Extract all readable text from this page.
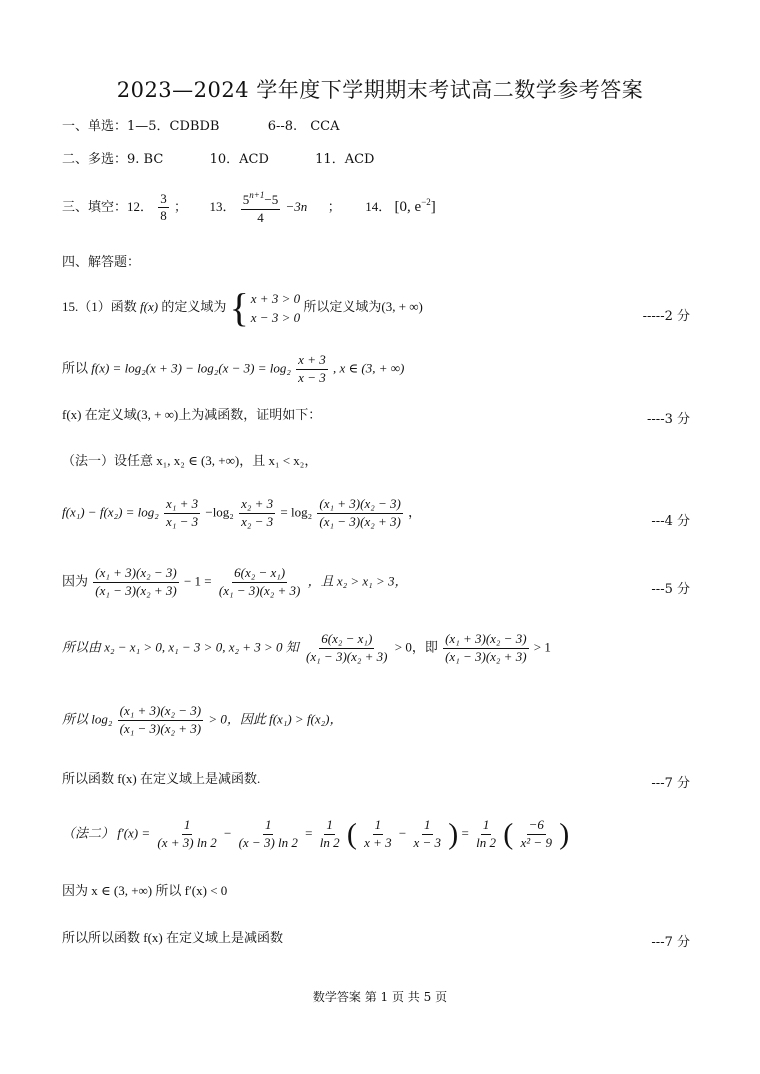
2023—2024 学年度下学期期末考试高二数学参考答案
一、单选：1—5．CDBDB	6--8.　CCA
二、多选：9. BC	10．ACD	11．ACD
三、填空：12． $\frac{3}{8}$ ； 13． $\frac{5^{n+1}-5}{4} -3n$ ； 14． [0, $e^{-2}$]
四、解答题：
15.（1）函数 f(x) 的定义域为 { x + 3 > 0
x − 3 > 0
所以定义域为(3, + ∞)
-----2 分
所以 $f(x) = \log_2(x + 3) - \log_2(x - 3) = \log_2 \frac{x + 3}{x - 3}$ , x ∈ (3, + ∞)
f(x) 在定义域(3, + ∞)上为减函数，证明如下：	----3 分
（法一）设任意 x₁, x₂ ∈ (3, +∞)，且 x₁ < x₂，
$f(x_1) - f(x_2) = \log_2 \frac{\text{x₁ + 3}}{\text{x₁ − 3}} -\log_2 \frac{\text{x₂ + 3}}{\text{x₂ − 3}} = \log_2 \frac{\text{(x₁ + 3)(x₂ − 3)}}{\text{(x₁ − 3)(x₂ + 3)}}$ ，
---4 分
因为 $\frac{\text{(x₁ + 3)(x₂ − 3)}}{\text{(x₁ − 3)(x₂ + 3)}} - 1 = \frac{\text{6(x₂ − x₁)}}{\text{(x₁ − 3)(x₂ + 3)}}$ ，且 x₂ > x₁ > 3，
---5 分
所以由 x₂ − x₁ > 0, x₁ − 3 > 0, x₂ + 3 > 0 知 $\frac{\text{6(x₂ − x₁)}}{\text{(x₁ − 3)(x₂ + 3)}} > 0$，即 $\frac{\text{(x₁ + 3)(x₂ − 3)}}{\text{(x₁ − 3)(x₂ + 3)}} > 1$
所以 $\log_2 \frac{\text{(x₁ + 3)(x₂ − 3)}}{\text{(x₁ − 3)(x₂ + 3)}} > 0$，因此 f(x₁) > f(x₂)，
所以函数 f(x) 在定义域上是减函数.	---7 分
（法二） $f'(x) = \frac{1}{(x + 3) \ln 2} - \frac{1}{(x - 3) \ln 2} = \frac{1}{\ln 2}$ ( $\frac{1}{x + 3} - \frac{1}{x - 3}$ ) = $\frac{1}{\ln 2}$ ( $\frac{-6}{\text{x² − 9}}$ )
因为 x ∈ (3, +∞) 所以 f′(x) < 0
所以所以函数 f(x) 在定义域上是减函数	---7 分
数学答案 第 1 页 共 5 页
